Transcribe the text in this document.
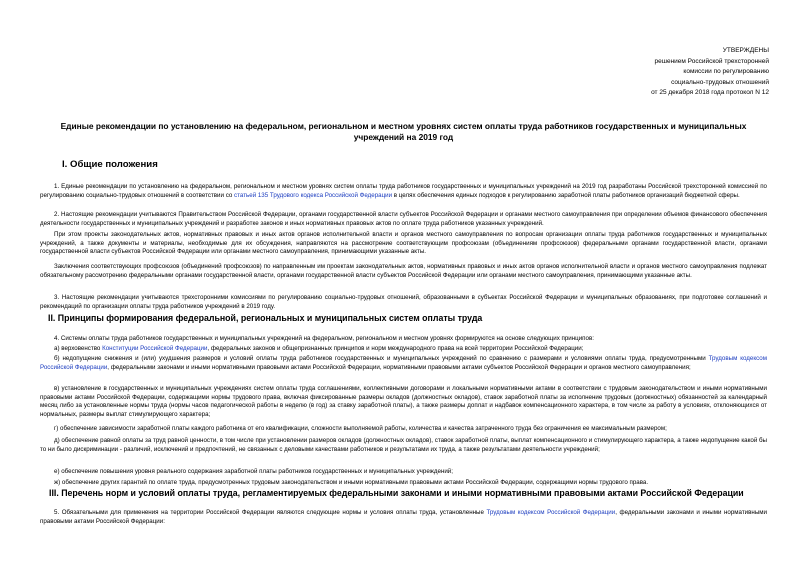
УТВЕРЖДЕНЫ
решением Российской трехсторонней
комиссии по регулированию
социально-трудовых отношений
от 25 декабря 2018 года протокол N 12
Единые рекомендации по установлению на федеральном, региональном и местном уровнях систем оплаты труда работников государственных и муниципальных
учреждений на 2019 год
I. Общие положения
1. Единые рекомендации по установлению на федеральном, региональном и местном уровнях систем оплаты труда работников государственных и муниципальных учреждений на 2019 год разработаны Российской трехсторонней комиссией по регулированию социально-трудовых отношений в соответствии со статьей 135 Трудового кодекса Российской Федерации в целях обеспечения единых подходов к регулированию заработной платы работников организаций бюджетной сферы.
2. Настоящие рекомендации учитываются Правительством Российской Федерации, органами государственной власти субъектов Российской Федерации и органами местного самоуправления при определении объемов финансового обеспечения деятельности государственных и муниципальных учреждений и разработке законов и иных нормативных правовых актов по оплате труда работников указанных учреждений.
При этом проекты законодательных актов, нормативных правовых и иных актов органов исполнительной власти и органов местного самоуправления по вопросам организации оплаты труда работников государственных и муниципальных учреждений, а также документы и материалы, необходимые для их обсуждения, направляются на рассмотрение соответствующим профсоюзам (объединениям профсоюзов) федеральными органами государственной власти, органами государственной власти субъектов Российской Федерации или органами местного самоуправления, принимающими указанные акты.
Заключения соответствующих профсоюзов (объединений профсоюзов) по направленным им проектам законодательных актов, нормативных правовых и иных актов органов исполнительной власти и органов местного самоуправления подлежат обязательному рассмотрению федеральными органами государственной власти, органами государственной власти субъектов Российской Федерации или органами местного самоуправления, принимающими указанные акты.
3. Настоящие рекомендации учитываются трехсторонними комиссиями по регулированию социально-трудовых отношений, образованными в субъектах Российской Федерации и муниципальных образованиях, при подготовке соглашений и рекомендаций по организации оплаты труда работников учреждений в 2019 году.
II. Принципы формирования федеральной, региональных и муниципальных систем оплаты труда
4. Системы оплаты труда работников государственных и муниципальных учреждений на федеральном, региональном и местном уровнях формируются на основе следующих принципов:
а) верховенство Конституции Российской Федерации, федеральных законов и общепризнанных принципов и норм международного права на всей территории Российской Федерации;
б) недопущение снижения и (или) ухудшения размеров и условий оплаты труда работников государственных и муниципальных учреждений по сравнению с размерами и условиями оплаты труда, предусмотренными Трудовым кодексом Российской Федерации, федеральными законами и иными нормативными правовыми актами Российской Федерации, нормативными правовыми актами субъектов Российской Федерации и органов местного самоуправления;
в) установление в государственных и муниципальных учреждениях систем оплаты труда соглашениями, коллективными договорами и локальными нормативными актами в соответствии с трудовым законодательством и иными нормативными правовыми актами Российской Федерации, содержащими нормы трудового права, включая фиксированные размеры окладов (должностных окладов), ставок заработной платы за исполнение трудовых (должностных) обязанностей за календарный месяц либо за установленные нормы труда (нормы часов педагогической работы в неделю (в год) за ставку заработной платы), а также размеры доплат и надбавок компенсационного характера, в том числе за работу в условиях, отклоняющихся от нормальных, размеры выплат стимулирующего характера;
г) обеспечение зависимости заработной платы каждого работника от его квалификации, сложности выполняемой работы, количества и качества затраченного труда без ограничения ее максимальным размером;
д) обеспечение равной оплаты за труд равной ценности, в том числе при установлении размеров окладов (должностных окладов), ставок заработной платы, выплат компенсационного и стимулирующего характера, а также недопущение какой бы то ни было дискриминации - различий, исключений и предпочтений, не связанных с деловыми качествами работников и результатами их труда, а также результатами деятельности учреждений;
е) обеспечение повышения уровня реального содержания заработной платы работников государственных и муниципальных учреждений;
ж) обеспечение других гарантий по оплате труда, предусмотренных трудовым законодательством и иными нормативными правовыми актами Российской Федерации, содержащими нормы трудового права.
III. Перечень норм и условий оплаты труда, регламентируемых федеральными законами и иными нормативными правовыми актами Российской Федерации
5. Обязательными для применения на территории Российской Федерации являются следующие нормы и условия оплаты труда, установленные Трудовым кодексом Российской Федерации, федеральными законами и иными нормативными правовыми актами Российской Федерации:
